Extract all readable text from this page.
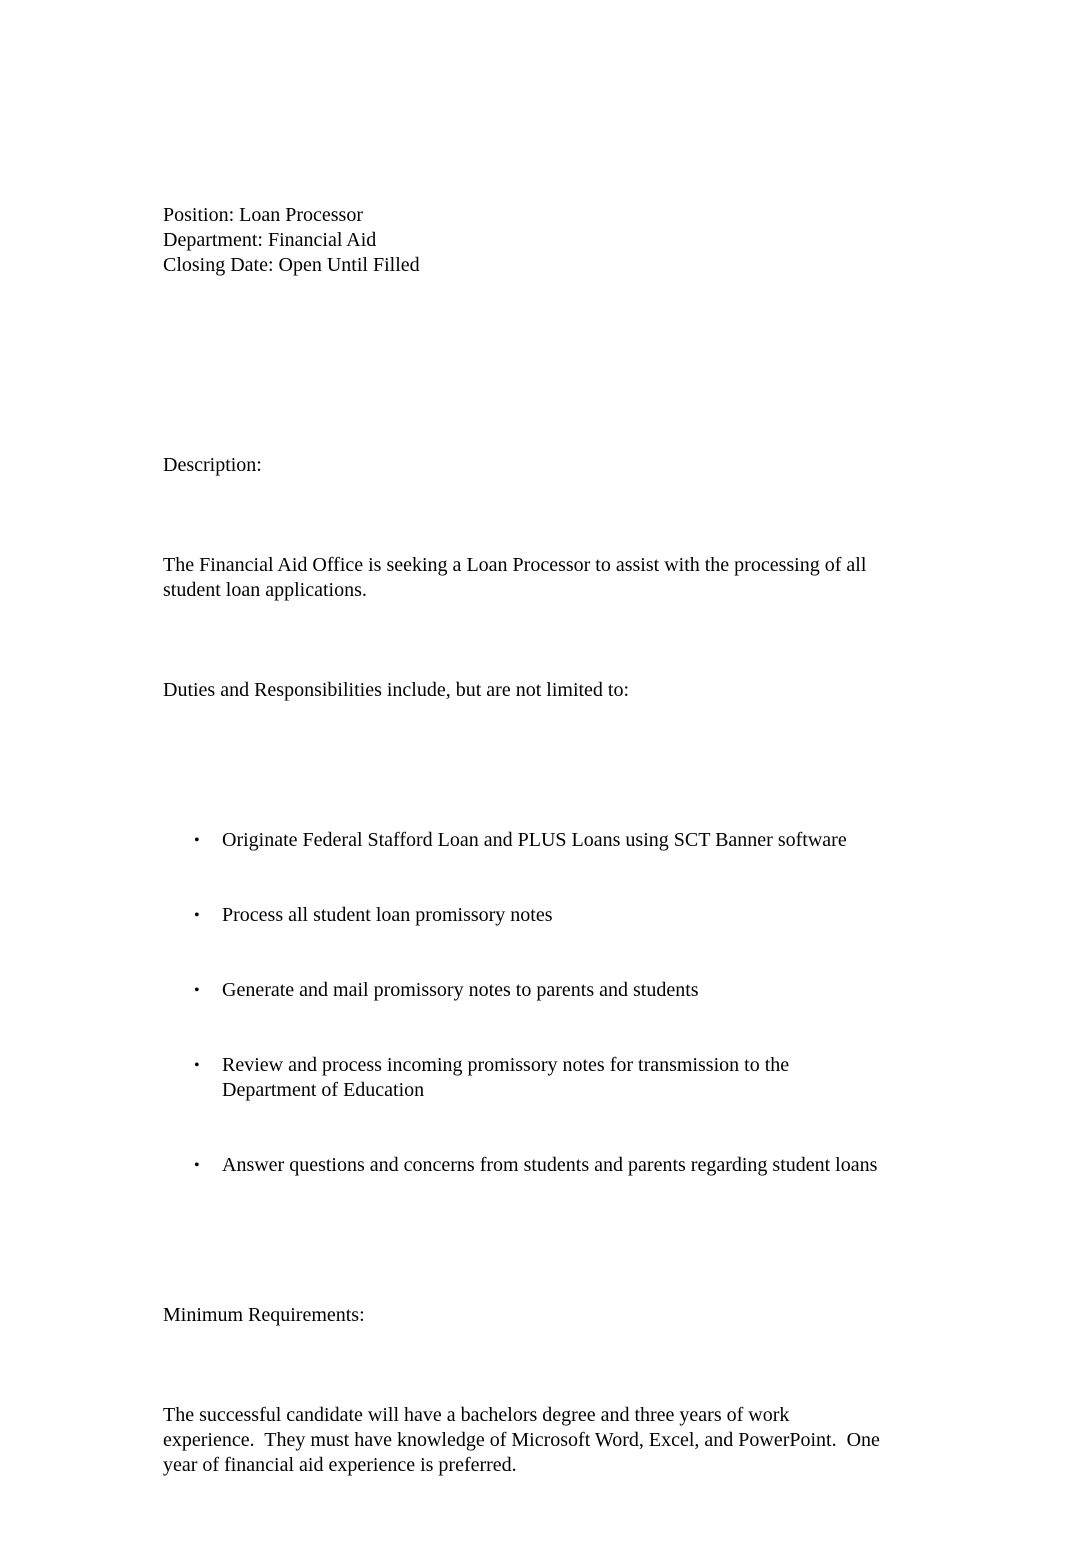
Position: Loan Processor
Department: Financial Aid
Closing Date: Open Until Filled

Description:

The Financial Aid Office is seeking a Loan Processor to assist with the processing of all
student loan applications.

Duties and Responsibilities include, but are not limited to:

•	Originate Federal Stafford Loan and PLUS Loans using SCT Banner software

•	Process all student loan promissory notes

•	Generate and mail promissory notes to parents and students

•	Review and process incoming promissory notes for transmission to the
Department of Education

•	Answer questions and concerns from students and parents regarding student loans

Minimum Requirements:

The successful candidate will have a bachelors degree and three years of work
experience.  They must have knowledge of Microsoft Word, Excel, and PowerPoint.  One
year of financial aid experience is preferred.
